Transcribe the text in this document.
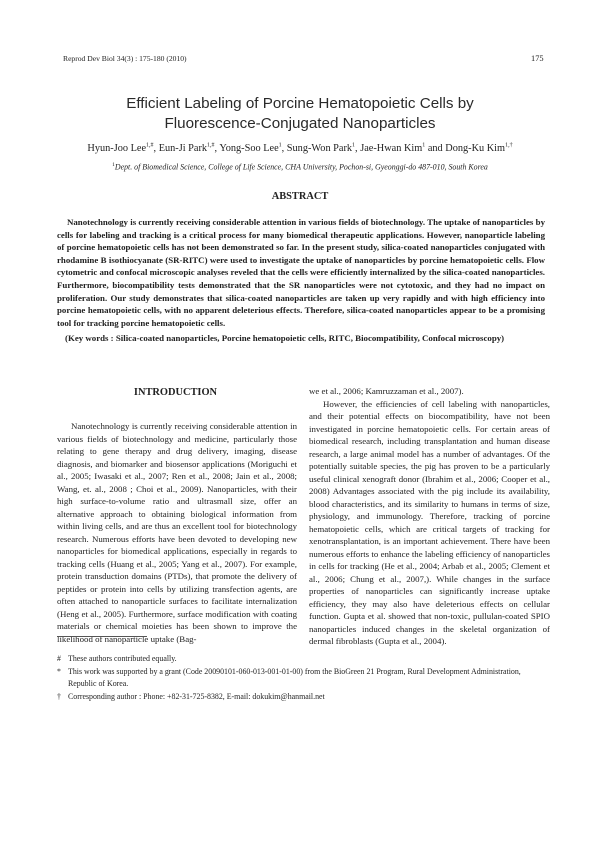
Reprod Dev Biol 34(3) : 175-180 (2010)	175
Efficient Labeling of Porcine Hematopoietic Cells by
Fluorescence-Conjugated Nanoparticles
Hyun-Joo Lee$^{1,\#}$, Eun-Ji Park$^{1,\#}$, Yong-Soo Lee$^1$, Sung-Won Park$^1$, Jae-Hwan Kim$^1$ and Dong-Ku Kim$^{1,\dagger}$
$^1$Dept. of Biomedical Science, College of Life Science, CHA University, Pochon-si, Gyeonggi-do 487-010, South Korea
ABSTRACT
Nanotechnology is currently receiving considerable attention in various fields of biotechnology. The uptake of nanoparticles by cells for labeling and tracking is a critical process for many biomedical therapeutic applications. However, nanoparticle labeling of porcine hematopoietic cells has not been demonstrated so far. In the present study, silica-coated nanoparticles conjugated with rhodamine B isothiocyanate (SR-RITC) were used to investigate the uptake of nanoparticles by porcine hematopoietic cells. Flow cytometric and confocal microscopic analyses reveled that the cells were efficiently internalized by the silica-coated nanoparticles. Furthermore, biocompatibility tests demonstrated that the SR nanoparticles were not cytotoxic, and they had no impact on proliferation. Our study demonstrates that silica-coated nanoparticles are taken up very rapidly and with high efficiency into porcine hematopoietic cells, with no apparent deleterious effects. Therefore, silica-coated nanoparticles appear to be a promising tool for tracking porcine hematopoietic cells.
(Key words : Silica-coated nanoparticles, Porcine hematopoietic cells, RITC, Biocompatibility, Confocal microscopy)
INTRODUCTION

Nanotechnology is currently receiving considerable attention in various fields of biotechnology and medicine, particularly those relating to gene therapy and drug delivery, imaging, disease diagnosis, and biomarker and biosensor applications (Moriguchi et al., 2005; Iwasaki et al., 2007; Ren et al., 2008; Jain et al., 2008; Wang, et. al., 2008 ; Choi et al., 2009). Nanoparticles, with their high surface-to-volume ratio and ultrasmall size, offer an alternative approach to obtaining biological information from within living cells, and are thus an excellent tool for biotechnology research. Numerous efforts have been devoted to developing new nanoparticles for biomedical applications, especially in regards to tracking cells (Huang et al., 2005; Yang et al., 2007). For example, protein transduction domains (PTDs), that promote the delivery of peptides or protein into cells by utilizing transfection agents, are often attached to nanoparticle surfaces to facilitate internalization (Heng et al., 2005). Furthermore, surface modification with coating materials or chemical moieties has been shown to improve the likelihood of nanoparticle uptake (Bag-

we et al., 2006; Kamruzzaman et al., 2007).

However, the efficiencies of cell labeling with nanoparticles, and their potential effects on biocompatibility, have not been investigated in porcine hematopoietic cells. For certain areas of biomedical research, including transplantation and human disease research, a large animal model has a number of advantages. Of the potentially suitable species, the pig has proven to be a particularly useful clinical xenograft donor (Ibrahim et al., 2006; Cooper et al., 2008) Advantages associated with the pig include its availability, blood characteristics, and its similarity to humans in terms of size, physiology, and immunology. Therefore, tracking of porcine hematopoietic cells, which are critical targets of tracking for xenotransplantation, is an important achievement. There have been numerous efforts to enhance the labeling efficiency of nanoparticles in cells for tracking (He et al., 2004; Arbab et al., 2005; Clement et al., 2006; Chung et al., 2007,). While changes in the surface properties of nanoparticles can significantly increase uptake efficiency, they may also have deleterious effects on cellular function. Gupta et al. showed that non-toxic, pullulan-coated SPIO nanoparticles induced changes in the skeletal organization of dermal fibroblasts (Gupta et al., 2004).

# These authors contributed equally.
* This work was supported by a grant (Code 20090101-060-013-001-01-00) from the BioGreen 21 Program, Rural Development Administration, Republic of Korea.
† Corresponding author : Phone: +82-31-725-8382, E-mail: dokukim@hanmail.net
